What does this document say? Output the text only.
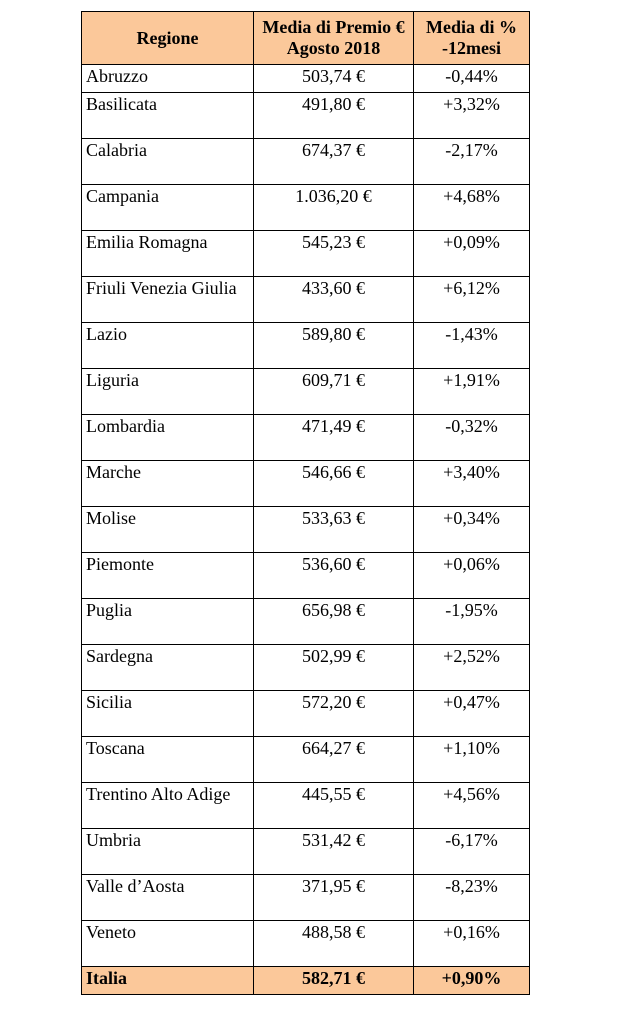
Regione	Media di Premio € Agosto 2018	Media di % -12mesi
Abruzzo	503,74 €	-0,44%
Basilicata	491,80 €	+3,32%
Calabria	674,37 €	-2,17%
Campania	1.036,20 €	+4,68%
Emilia Romagna	545,23 €	+0,09%
Friuli Venezia Giulia	433,60 €	+6,12%
Lazio	589,80 €	-1,43%
Liguria	609,71 €	+1,91%
Lombardia	471,49 €	-0,32%
Marche	546,66 €	+3,40%
Molise	533,63 €	+0,34%
Piemonte	536,60 €	+0,06%
Puglia	656,98 €	-1,95%
Sardegna	502,99 €	+2,52%
Sicilia	572,20 €	+0,47%
Toscana	664,27 €	+1,10%
Trentino Alto Adige	445,55 €	+4,56%
Umbria	531,42 €	-6,17%
Valle d’Aosta	371,95 €	-8,23%
Veneto	488,58 €	+0,16%
Italia	582,71 €	+0,90%
